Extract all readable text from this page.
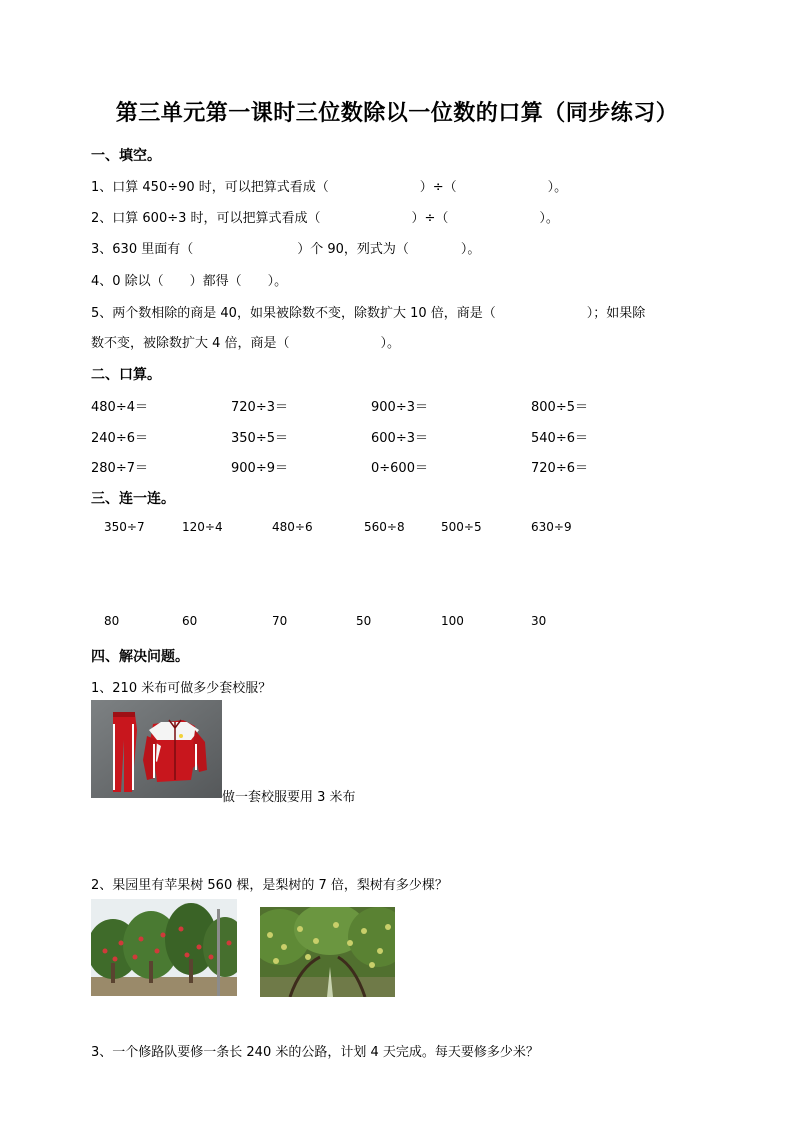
第三单元第一课时三位数除以一位数的口算（同步练习）
一、填空。
1、口算 450÷90 时，可以把算式看成（　　　　　　　）÷（　　　　　　　）。
2、口算 600÷3 时，可以把算式看成（　　　　　　　）÷（　　　　　　　）。
3、630 里面有（　　　　　　　　）个 90，列式为（　　　　）。
4、0 除以（　　）都得（　　）。
5、两个数相除的商是 40，如果被除数不变，除数扩大 10 倍，商是（　　　　　　　）；如果除
数不变，被除数扩大 4 倍，商是（　　　　　　　）。
二、口算。
480÷4＝	720÷3＝	900÷3＝	800÷5＝
240÷6＝	350÷5＝	600÷3＝	540÷6＝
280÷7＝	900÷9＝	0÷600＝	720÷6＝
三、连一连。
350÷7	120÷4	480÷6	560÷8	500÷5	630÷9
80	60	70	50	100	30
四、解决问题。
1、210 米布可做多少套校服？
做一套校服要用 3 米布
2、果园里有苹果树 560 棵，是梨树的 7 倍，梨树有多少棵？
3、一个修路队要修一条长 240 米的公路，计划 4 天完成。每天要修多少米？
